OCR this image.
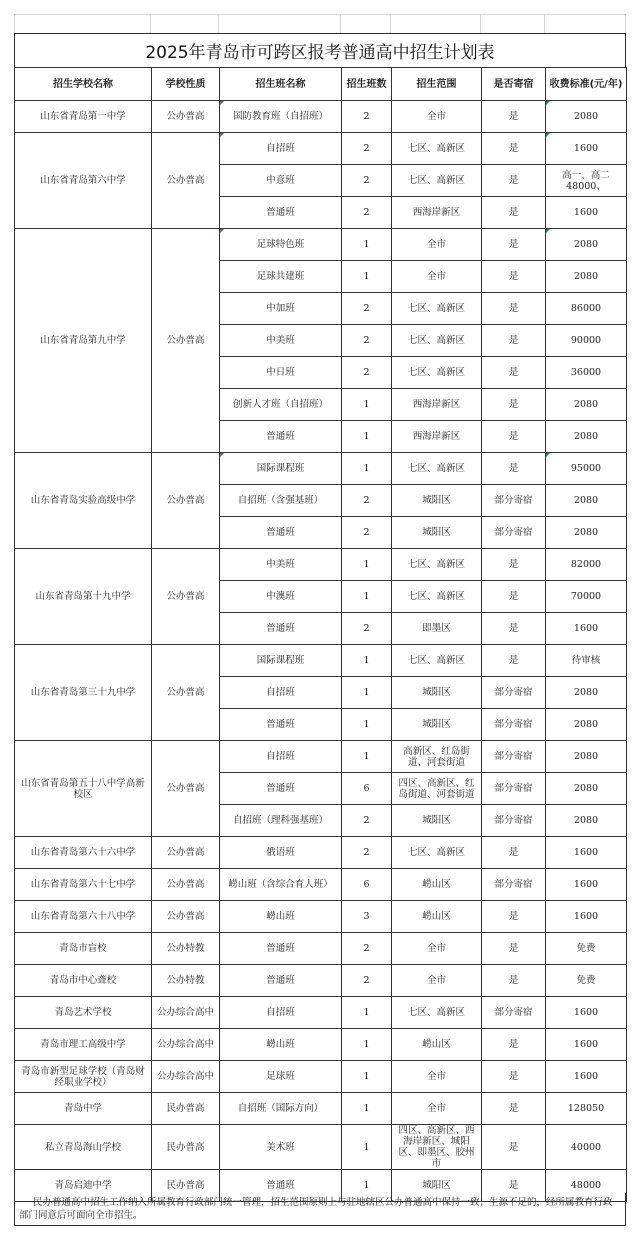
2025年青岛市可跨区报考普通高中招生计划表
招生学校名称	学校性质	招生班名称	招生班数	招生范围	是否寄宿	收费标准(元/年)
山东省青岛第一中学	公办普高	国防教育班（自招班）	2	全市	是	2080
山东省青岛第六中学	公办普高	自招班	2	七区、高新区	是	1600
		中意班	2	七区、高新区	是	高一、高二48000、
		普通班	2	西海岸新区	是	1600
山东省青岛第九中学	公办普高	足球特色班	1	全市	是	2080
		足球共建班	1	全市	是	2080
		中加班	2	七区、高新区	是	86000
		中美班	2	七区、高新区	是	90000
		中日班	2	七区、高新区	是	36000
		创新人才班（自招班）	1	西海岸新区	是	2080
		普通班	1	西海岸新区	是	2080
山东省青岛实验高级中学	公办普高	国际课程班	1	七区、高新区	是	95000
		自招班（含强基班）	2	城阳区	部分寄宿	2080
		普通班	2	城阳区	部分寄宿	2080
山东省青岛第十九中学	公办普高	中美班	1	七区、高新区	是	82000
		中澳班	1	七区、高新区	是	70000
		普通班	2	即墨区	是	1600
山东省青岛第三十九中学	公办普高	国际课程班	1	七区、高新区	是	待审核
		自招班	1	城阳区	部分寄宿	2080
		普通班	1	城阳区	部分寄宿	2080
山东省青岛第五十八中学高新校区	公办普高	自招班	1	高新区、红岛街道、河套街道	部分寄宿	2080
		普通班	6	四区、高新区、红岛街道、河套街道	部分寄宿	2080
		自招班（理科强基班）	2	城阳区	部分寄宿	2080
山东省青岛第六十六中学	公办普高	俄语班	2	七区、高新区	是	1600
山东省青岛第六十七中学	公办普高	崂山班（含综合育人班）	6	崂山区	部分寄宿	1600
山东省青岛第六十八中学	公办普高	崂山班	3	崂山区	是	1600
青岛市盲校	公办特教	普通班	2	全市	是	免费
青岛市中心聋校	公办特教	普通班	2	全市	是	免费
青岛艺术学校	公办综合高中	自招班	1	七区、高新区	部分寄宿	1600
青岛市理工高级中学	公办综合高中	崂山班	1	崂山区	是	1600
青岛市新型足球学校（青岛财经职业学校）	公办综合高中	足球班	1	全市	是	1600
青岛中学	民办普高	自招班（国际方向）	1	全市	是	128050
私立青岛海山学校	民办普高	美术班	1	四区、高新区、西海岸新区、城阳区、即墨区、胶州市	是	40000
青岛启迪中学	民办普高	普通班	1	城阳区	是	48000
民办普通高中招生工作纳入所属教育行政部门统一管理，招生范围原则上与驻地辖区公办普通高中保持一致；生源不足的，经所属教育行政部门同意后可面向全市招生。
